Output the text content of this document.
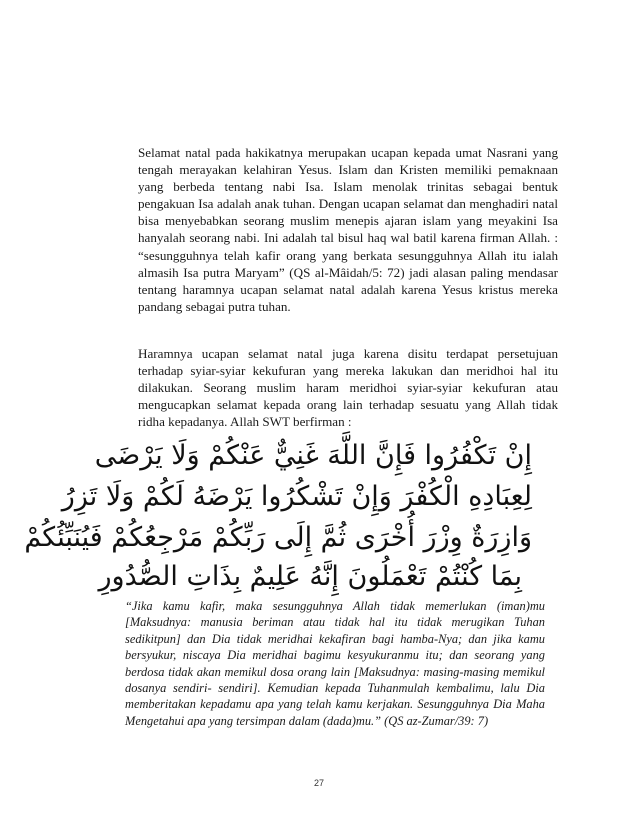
Selamat natal pada hakikatnya merupakan ucapan kepada umat Nasrani yang tengah merayakan kelahiran Yesus. Islam dan Kristen memiliki pemaknaan yang berbeda tentang nabi Isa. Islam menolak trinitas sebagai bentuk pengakuan Isa adalah anak tuhan. Dengan ucapan selamat dan menghadiri natal bisa menyebabkan seorang muslim menepis ajaran islam yang meyakini Isa hanyalah seorang nabi. Ini adalah tal bisul haq wal batil karena firman Allah. : “sesungguhnya telah kafir orang yang berkata sesungguhnya Allah itu ialah almasih Isa putra Maryam” (QS al-Mâidah/5: 72) jadi alasan paling mendasar tentang haramnya ucapan selamat natal adalah karena Yesus kristus mereka pandang sebagai putra tuhan.

Haramnya ucapan selamat natal juga karena disitu terdapat persetujuan terhadap syiar-syiar kekufuran yang mereka lakukan dan meridhoi hal itu dilakukan. Seorang muslim haram meridhoi syiar-syiar kekufuran atau mengucapkan selamat kepada orang lain terhadap sesuatu yang Allah tidak ridha kepadanya. Allah SWT berfirman :

إِنْ تَكْفُرُوا فَإِنَّ اللَّهَ غَنِيٌّ عَنْكُمْ وَلَا يَرْضَى
لِعِبَادِهِ الْكُفْرَ وَإِنْ تَشْكُرُوا يَرْضَهُ لَكُمْ وَلَا تَزِرُ
وَازِرَةٌ وِزْرَ أُخْرَى ثُمَّ إِلَى رَبِّكُمْ مَرْجِعُكُمْ فَيُنَبِّئُكُمْ
بِمَا كُنْتُمْ تَعْمَلُونَ إِنَّهُ عَلِيمٌ بِذَاتِ الصُّدُورِ

“Jika kamu kafir, maka sesungguhnya Allah tidak memerlukan (iman)mu [Maksudnya: manusia beriman atau tidak hal itu tidak merugikan Tuhan sedikitpun] dan Dia tidak meridhai kekafiran bagi hamba-Nya; dan jika kamu bersyukur, niscaya Dia meridhai bagimu kesyukuranmu itu; dan seorang yang berdosa tidak akan memikul dosa orang lain [Maksudnya: masing-masing memikul dosanya sendiri- sendiri]. Kemudian kepada Tuhanmulah kembalimu, lalu Dia memberitakan kepadamu apa yang telah kamu kerjakan. Sesungguhnya Dia Maha Mengetahui apa yang tersimpan dalam (dada)mu.” (QS az-Zumar/39: 7)

27
